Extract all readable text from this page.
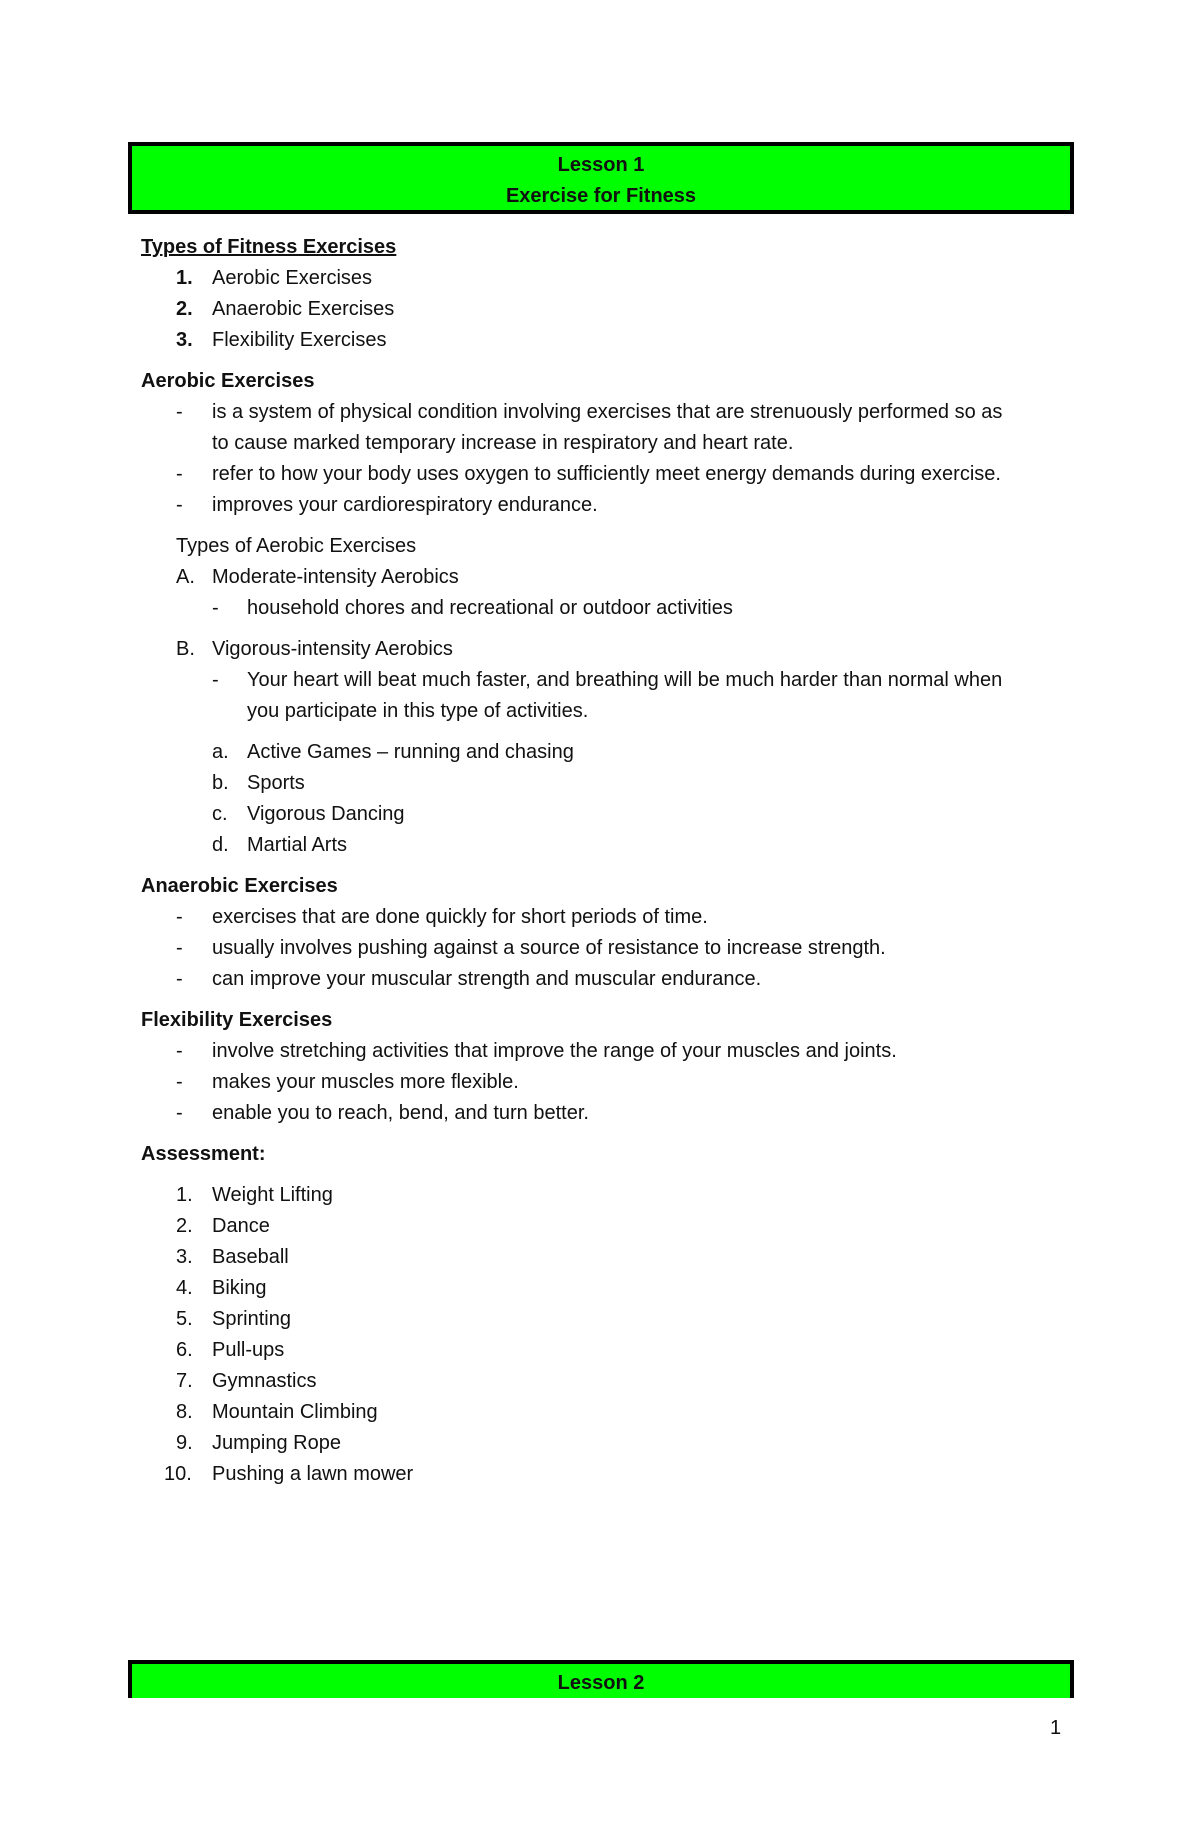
Lesson 1
Exercise for Fitness
Types of Fitness Exercises
1. Aerobic Exercises
2. Anaerobic Exercises
3. Flexibility Exercises
Aerobic Exercises
-	is a system of physical condition involving exercises that are strenuously performed so as
to cause marked temporary increase in respiratory and heart rate.
-	refer to how your body uses oxygen to sufficiently meet energy demands during exercise.
-	improves your cardiorespiratory endurance.
Types of Aerobic Exercises
A. Moderate-intensity Aerobics
-	household chores and recreational or outdoor activities
B. Vigorous-intensity Aerobics
-	Your heart will beat much faster, and breathing will be much harder than normal when
you participate in this type of activities.
a. Active Games – running and chasing
b. Sports
c. Vigorous Dancing
d. Martial Arts
Anaerobic Exercises
-	exercises that are done quickly for short periods of time.
-	usually involves pushing against a source of resistance to increase strength.
-	can improve your muscular strength and muscular endurance.
Flexibility Exercises
-	involve stretching activities that improve the range of your muscles and joints.
-	makes your muscles more flexible.
-	enable you to reach, bend, and turn better.
Assessment:
1. Weight Lifting
2. Dance
3. Baseball
4. Biking
5. Sprinting
6. Pull-ups
7. Gymnastics
8. Mountain Climbing
9. Jumping Rope
10.	Pushing a lawn mower
Lesson 2
1
